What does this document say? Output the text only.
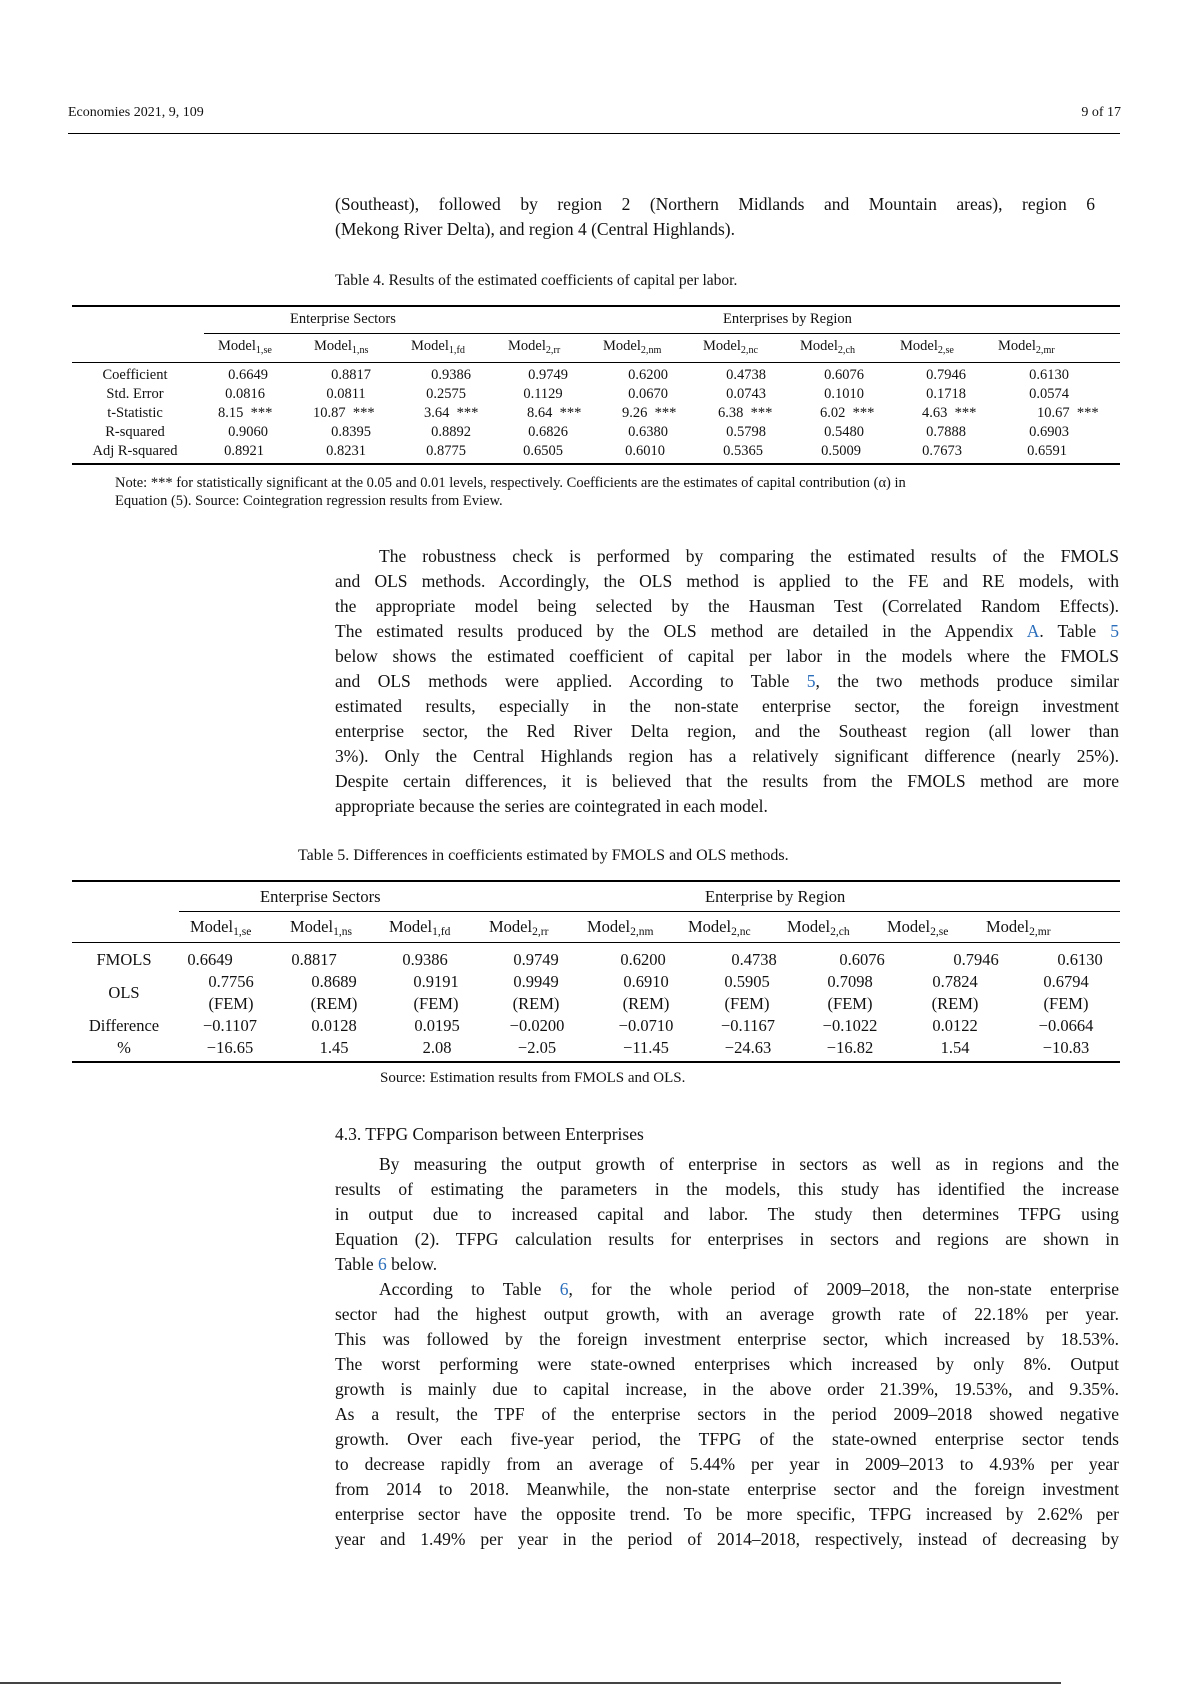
Economies 2021, 9, 109	9 of 17
(Southeast), followed by region 2 (Northern Midlands and Mountain areas), region 6
(Mekong River Delta), and region 4 (Central Highlands).
Table 4. Results of the estimated coefficients of capital per labor.
Enterprise Sectors	Enterprises by Region
Model$_{1,se}$	Model$_{1,ns}$	Model$_{1,fd}$	Model$_{2,rr}$	Model$_{2,nm}$	Model$_{2,nc}$	Model$_{2,ch}$	Model$_{2,se}$	Model$_{2,mr}$
Coefficient	0.6649	0.8817	0.9386	0.9749	0.6200	0.4738	0.6076	0.7946	0.6130
Std. Error	0.0816	0.0811	0.2575	0.1129	0.0670	0.0743	0.1010	0.1718	0.0574
t-Statistic	8.15  ***	10.87  ***	3.64  ***	8.64  ***	9.26  ***	6.38  ***	6.02  ***	4.63  ***	10.67  ***
R-squared	0.9060	0.8395	0.8892	0.6826	0.6380	0.5798	0.5480	0.7888	0.6903
Adj R-squared	0.8921	0.8231	0.8775	0.6505	0.6010	0.5365	0.5009	0.7673	0.6591
Note: *** for statistically significant at the 0.05 and 0.01 levels, respectively. Coefficients are the estimates of capital contribution (α) in
Equation (5). Source: Cointegration regression results from Eview.
The robustness check is performed by comparing the estimated results of the FMOLS
and OLS methods. Accordingly, the OLS method is applied to the FE and RE models, with
the appropriate model being selected by the Hausman Test (Correlated Random Effects).
The estimated results produced by the OLS method are detailed in the Appendix A. Table 5
below shows the estimated coefficient of capital per labor in the models where the FMOLS
and OLS methods were applied. According to Table 5, the two methods produce similar
estimated results, especially in the non-state enterprise sector, the foreign investment
enterprise sector, the Red River Delta region, and the Southeast region (all lower than
3%). Only the Central Highlands region has a relatively significant difference (nearly 25%).
Despite certain differences, it is believed that the results from the FMOLS method are more
appropriate because the series are cointegrated in each model.
Table 5. Differences in coefficients estimated by FMOLS and OLS methods.
Enterprise Sectors	Enterprise by Region
Model$_{1,se}$ Model$_{1,ns}$ Model$_{1,fd}$ Model$_{2,rr}$ Model$_{2,nm}$ Model$_{2,nc}$ Model$_{2,ch}$ Model$_{2,se}$ Model$_{2,mr}$
FMOLS 0.6649	0.8817	0.9386	0.9749	0.6200	0.4738	0.6076	0.7946	0.6130
OLS
0.7756	0.8689	0.9191	0.9949	0.6910	0.5905	0.7098	0.7824	0.6794
(FEM)	(REM)	(FEM)	(REM)	(REM)	(FEM)	(FEM)	(REM)	(FEM)
Difference	−0.1107	0.0128	0.0195	−0.0200	−0.0710	−0.1167	−0.1022	0.0122	−0.0664
%	−16.65	1.45	2.08	−2.05	−11.45	−24.63	−16.82	1.54	−10.83
Source: Estimation results from FMOLS and OLS.
4.3. TFPG Comparison between Enterprises
By measuring the output growth of enterprise in sectors as well as in regions and the
results of estimating the parameters in the models, this study has identified the increase
in output due to increased capital and labor. The study then determines TFPG using
Equation (2). TFPG calculation results for enterprises in sectors and regions are shown in
Table 6 below.
According to Table 6, for the whole period of 2009–2018, the non-state enterprise
sector had the highest output growth, with an average growth rate of 22.18% per year.
This was followed by the foreign investment enterprise sector, which increased by 18.53%.
The worst performing were state-owned enterprises which increased by only 8%. Output
growth is mainly due to capital increase, in the above order 21.39%, 19.53%, and 9.35%.
As a result, the TPF of the enterprise sectors in the period 2009–2018 showed negative
growth. Over each five-year period, the TFPG of the state-owned enterprise sector tends
to decrease rapidly from an average of 5.44% per year in 2009–2013 to 4.93% per year
from 2014 to 2018. Meanwhile, the non-state enterprise sector and the foreign investment
enterprise sector have the opposite trend. To be more specific, TFPG increased by 2.62% per
year and 1.49% per year in the period of 2014–2018, respectively, instead of decreasing by
